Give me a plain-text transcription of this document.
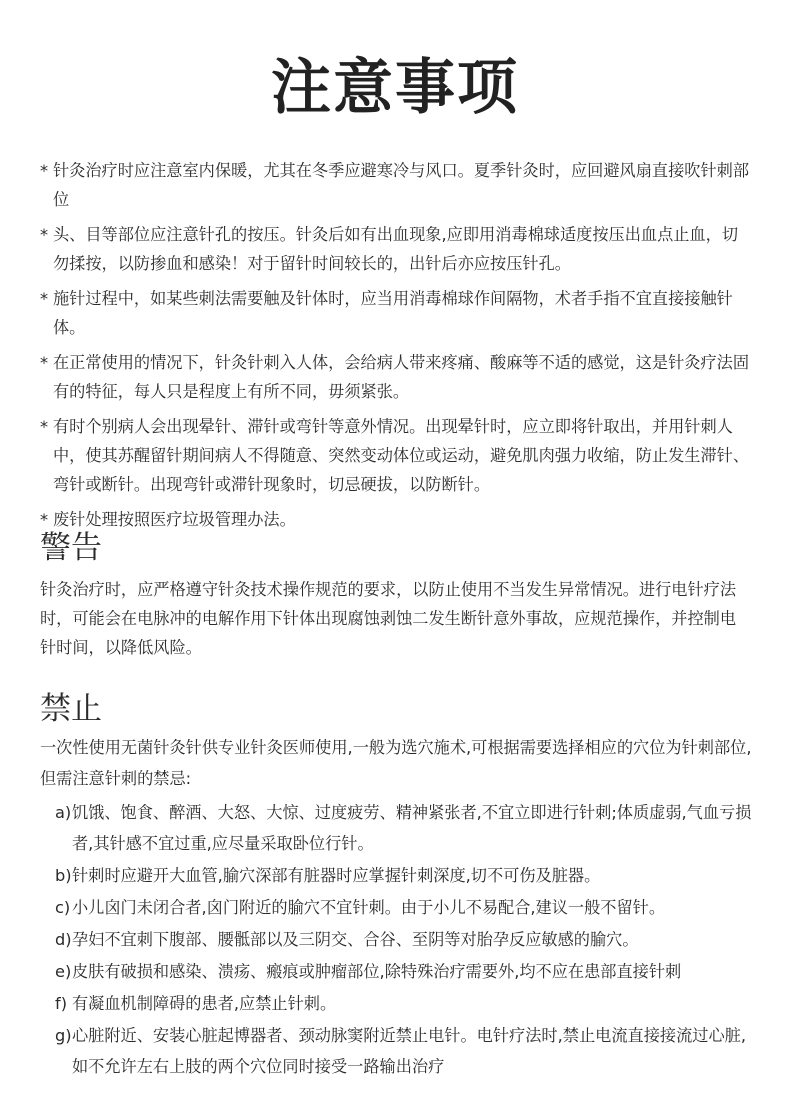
注意事项
* 针灸治疗时应注意室内保暖，尤其在冬季应避寒冷与风口。夏季针灸时，应回避风扇直接吹针刺部位
* 头、目等部位应注意针孔的按压。针灸后如有出血现象,应即用消毒棉球适度按压出血点止血，切勿揉按，以防掺血和感染！对于留针时间较长的，出针后亦应按压针孔。
* 施针过程中，如某些刺法需要触及针体时，应当用消毒棉球作间隔物，术者手指不宜直接接触针体。
* 在正常使用的情况下，针灸针刺入人体，会给病人带来疼痛、酸麻等不适的感觉，这是针灸疗法固有的特征，每人只是程度上有所不同，毋须紧张。
* 有时个别病人会出现晕针、滞针或弯针等意外情况。出现晕针时，应立即将针取出，并用针刺人中，使其苏醒留针期间病人不得随意、突然变动体位或运动，避免肌肉强力收缩，防止发生滞针、弯针或断针。出现弯针或滞针现象时，切忌硬拔，以防断针。
* 废针处理按照医疗垃圾管理办法。
警告
针灸治疗时，应严格遵守针灸技术操作规范的要求，以防止使用不当发生异常情况。进行电针疗法时，可能会在电脉冲的电解作用下针体出现腐蚀剥蚀二发生断针意外事故，应规范操作，并控制电针时间，以降低风险。
禁止
一次性使用无菌针灸针供专业针灸医师使用,一般为选穴施术,可根据需要选择相应的穴位为针刺部位,但需注意针刺的禁忌:
a) 饥饿、饱食、醉酒、大怒、大惊、过度疲劳、精神紧张者,不宜立即进行针刺;体质虚弱,气血亏损者,其针感不宜过重,应尽量采取卧位行针。
b) 针刺时应避开大血管,腧穴深部有脏器时应掌握针刺深度,切不可伤及脏器。
c) 小儿囟门未闭合者,囟门附近的腧穴不宜针刺。由于小儿不易配合,建议一般不留针。
d) 孕妇不宜刺下腹部、腰骶部以及三阴交、合谷、至阴等对胎孕反应敏感的腧穴。
e) 皮肤有破损和感染、溃疡、瘢痕或肿瘤部位,除特殊治疗需要外,均不应在患部直接针刺
f) 有凝血机制障碍的患者,应禁止针刺。
g) 心脏附近、安装心脏起博器者、颈动脉窦附近禁止电针。电针疗法时,禁止电流直接接流过心脏,如不允许左右上肢的两个穴位同时接受一路输出治疗
